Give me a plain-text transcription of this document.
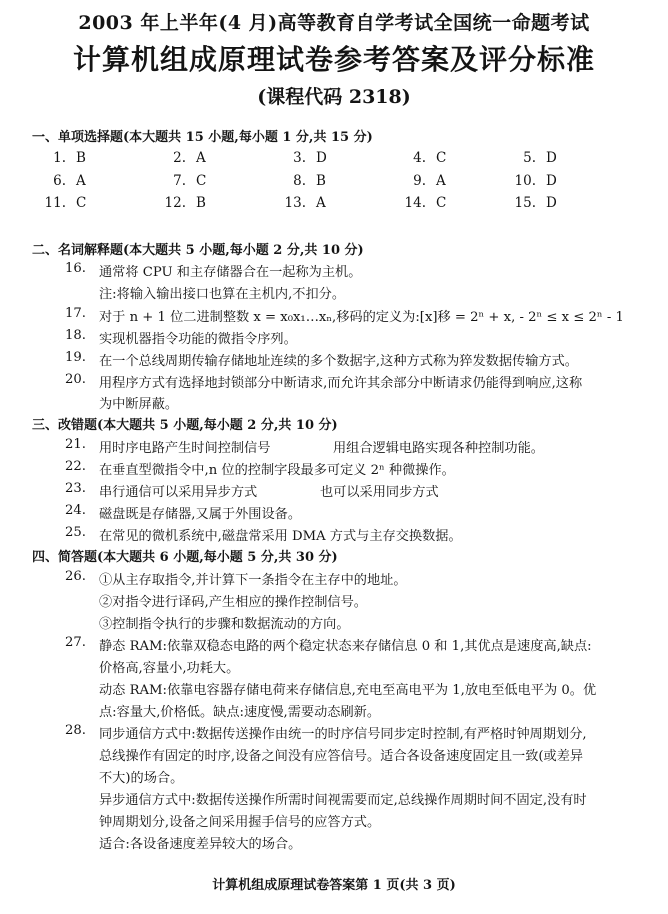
2003 年上半年(4 月)高等教育自学考试全国统一命题考试
计算机组成原理试卷参考答案及评分标准
(课程代码 2318)
一、单项选择题(本大题共 15 小题,每小题 1 分,共 15 分)
1. B	2. A	3. D	4. C	5. D
6. A	7. C	8. B	9. A	10. D
11. C	12. B	13. A	14. C	15. D
二、名词解释题(本大题共 5 小题,每小题 2 分,共 10 分)
16. 通常将 CPU 和主存储器合在一起称为主机。
注:将输入输出接口也算在主机内,不扣分。
17. 对于 n + 1 位二进制整数 x = x₀x₁…xₙ,移码的定义为:[x]移 = 2ⁿ + x, - 2ⁿ ≤ x ≤ 2ⁿ - 1
18. 实现机器指令功能的微指令序列。
19. 在一个总线周期传输存储地址连续的多个数据字,这种方式称为猝发数据传输方式。
20. 用程序方式有选择地封锁部分中断请求,而允许其余部分中断请求仍能得到响应,这称
为中断屏蔽。
三、改错题(本大题共 5 小题,每小题 2 分,共 10 分)
21. 用时序电路产生时间控制信号	用组合逻辑电路实现各种控制功能。
22. 在垂直型微指令中,n 位的控制字段最多可定义 2ⁿ 种微操作。
23. 串行通信可以采用异步方式	也可以采用同步方式
24. 磁盘既是存储器,又属于外围设备。
25. 在常见的微机系统中,磁盘常采用 DMA 方式与主存交换数据。
四、简答题(本大题共 6 小题,每小题 5 分,共 30 分)
26. ①从主存取指令,并计算下一条指令在主存中的地址。
②对指令进行译码,产生相应的操作控制信号。
③控制指令执行的步骤和数据流动的方向。
27. 静态 RAM:依靠双稳态电路的两个稳定状态来存储信息 0 和 1,其优点是速度高,缺点:
价格高,容量小,功耗大。
动态 RAM:依靠电容器存储电荷来存储信息,充电至高电平为 1,放电至低电平为 0。优
点:容量大,价格低。缺点:速度慢,需要动态刷新。
28. 同步通信方式中:数据传送操作由统一的时序信号同步定时控制,有严格时钟周期划分,
总线操作有固定的时序,设备之间没有应答信号。适合各设备速度固定且一致(或差异
不大)的场合。
异步通信方式中:数据传送操作所需时间视需要而定,总线操作周期时间不固定,没有时
钟周期划分,设备之间采用握手信号的应答方式。
适合:各设备速度差异较大的场合。
计算机组成原理试卷答案第 1 页(共 3 页)
